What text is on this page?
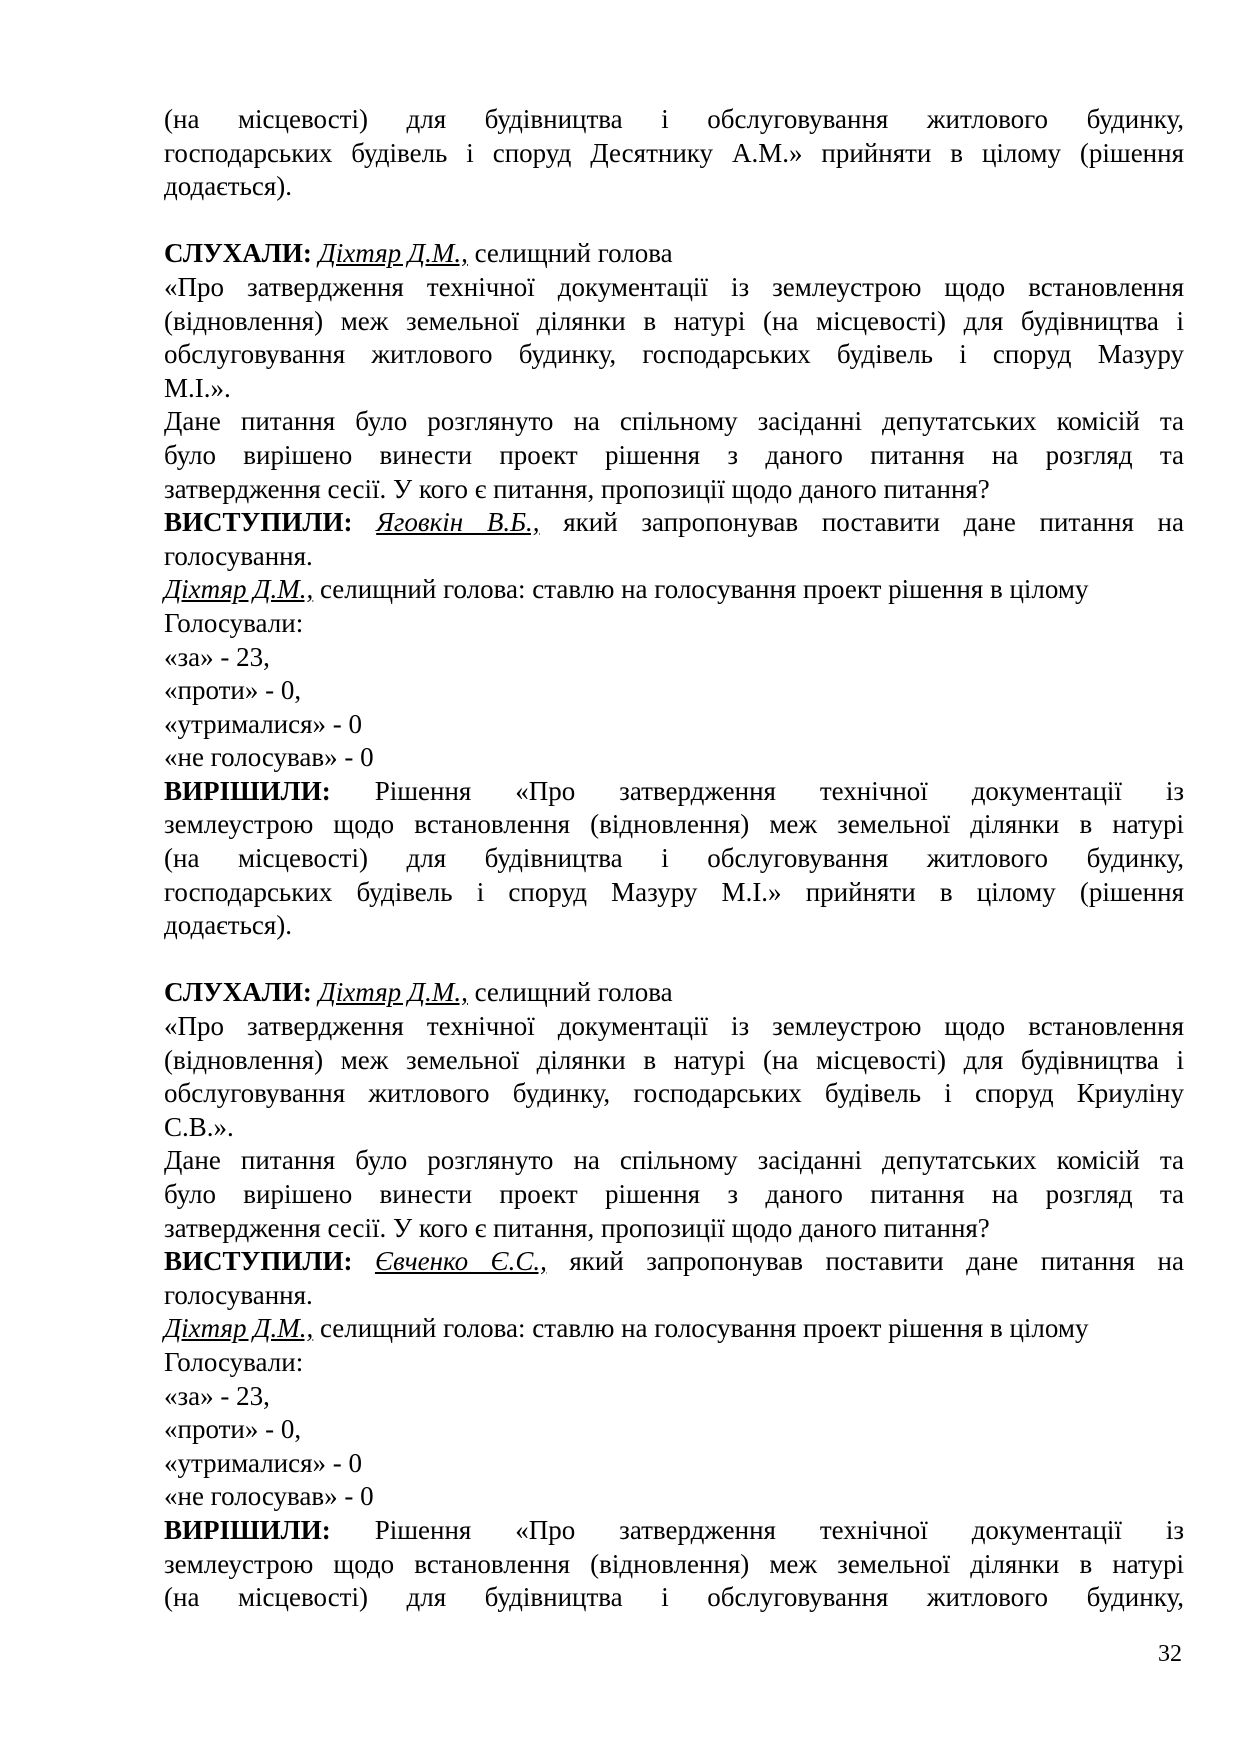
(на місцевості) для будівництва і обслуговування житлового будинку,
господарських будівель і споруд Десятнику А.М.» прийняти в цілому (рішення
додається).
СЛУХАЛИ: Діхтяр Д.М., селищний голова
«Про затвердження технічної документації із землеустрою щодо встановлення
(відновлення) меж земельної ділянки в натурі (на місцевості) для будівництва і
обслуговування житлового будинку, господарських будівель і споруд Мазуру
М.І.».
Дане питання було розглянуто на спільному засіданні депутатських комісій та
було вирішено винести проект рішення з даного питання на розгляд та
затвердження сесії. У кого є питання, пропозиції щодо даного питання?
ВИСТУПИЛИ: Яговкін В.Б., який запропонував поставити дане питання на
голосування.
Діхтяр Д.М., селищний голова: ставлю на голосування проект рішення в цілому
Голосували:
«за» - 23,
«проти» - 0,
«утрималися» - 0
«не голосував» - 0
ВИРІШИЛИ: Рішення «Про затвердження технічної документації із
землеустрою щодо встановлення (відновлення) меж земельної ділянки в натурі
(на місцевості) для будівництва і обслуговування житлового будинку,
господарських будівель і споруд Мазуру М.І.» прийняти в цілому (рішення
додається).
СЛУХАЛИ: Діхтяр Д.М., селищний голова
«Про затвердження технічної документації із землеустрою щодо встановлення
(відновлення) меж земельної ділянки в натурі (на місцевості) для будівництва і
обслуговування житлового будинку, господарських будівель і споруд Криуліну
С.В.».
Дане питання було розглянуто на спільному засіданні депутатських комісій та
було вирішено винести проект рішення з даного питання на розгляд та
затвердження сесії. У кого є питання, пропозиції щодо даного питання?
ВИСТУПИЛИ: Євченко Є.С., який запропонував поставити дане питання на
голосування.
Діхтяр Д.М., селищний голова: ставлю на голосування проект рішення в цілому
Голосували:
«за» - 23,
«проти» - 0,
«утрималися» - 0
«не голосував» - 0
ВИРІШИЛИ: Рішення «Про затвердження технічної документації із
землеустрою щодо встановлення (відновлення) меж земельної ділянки в натурі
(на місцевості) для будівництва і обслуговування житлового будинку,
32
